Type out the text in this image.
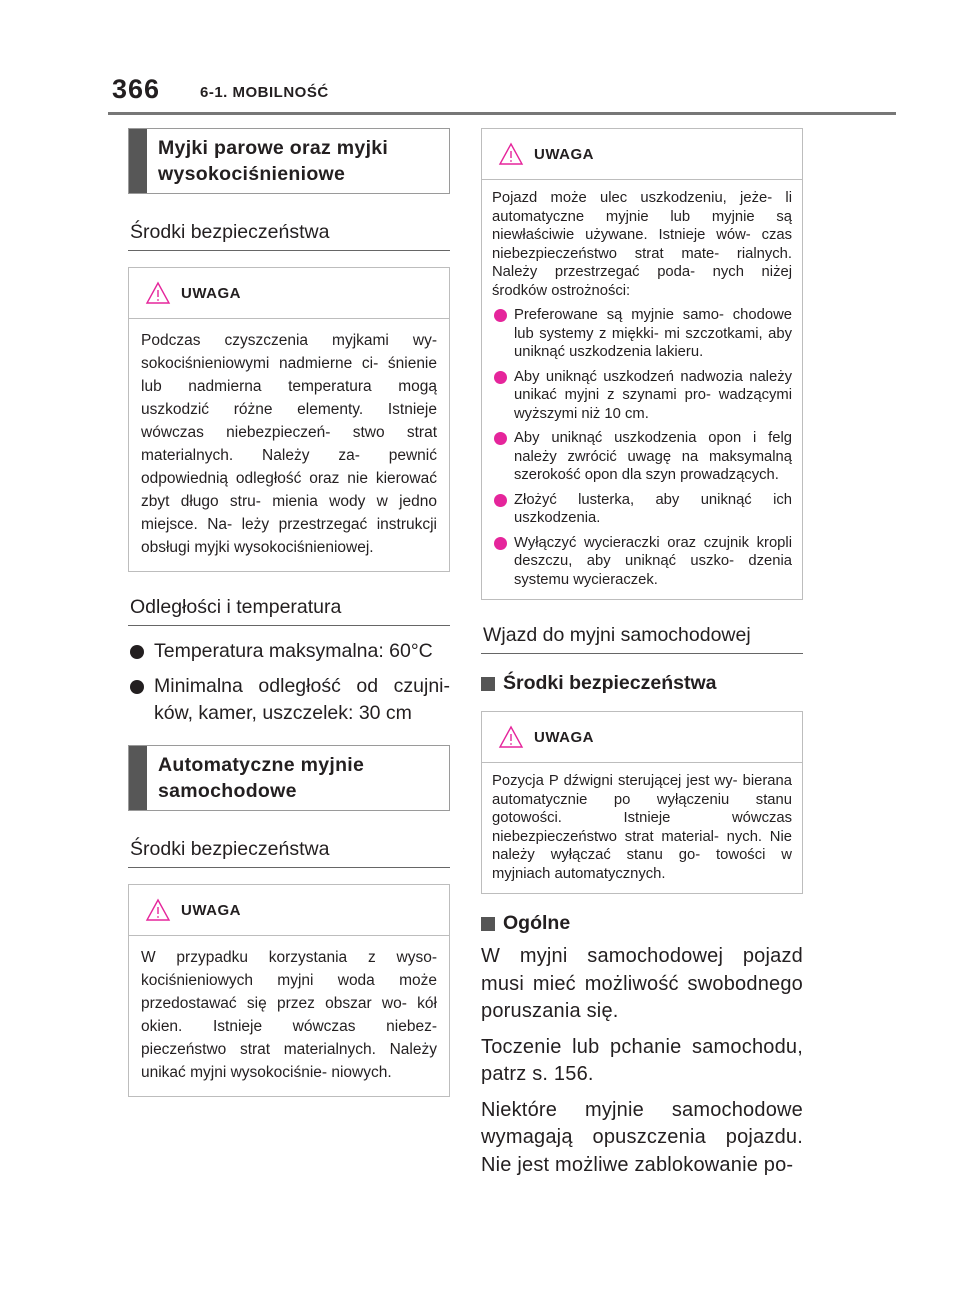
366	6-1. MOBILNOŚĆ
Myjki parowe oraz myjki wysokociśnieniowe
Środki bezpieczeństwa
UWAGA
Podczas czyszczenia myjkami wy- sokociśnieniowymi nadmierne ci- śnienie lub nadmierna temperatura mogą uszkodzić różne elementy. Istnieje wówczas niebezpieczeń- stwo strat materialnych. Należy za- pewnić odpowiednią odległość oraz nie kierować zbyt długo stru- mienia wody w jedno miejsce. Na- leży przestrzegać instrukcji obsługi myjki wysokociśnieniowej.
Odległości i temperatura
Temperatura maksymalna: 60°C
Minimalna odległość od czujni- ków, kamer, uszczelek: 30 cm
Automatyczne myjnie samochodowe
Środki bezpieczeństwa
UWAGA
W przypadku korzystania z wyso- kociśnieniowych myjni woda może przedostawać się przez obszar wo- kół okien. Istnieje wówczas niebez- pieczeństwo strat materialnych. Należy unikać myjni wysokociśnie- niowych.
UWAGA
Pojazd może ulec uszkodzeniu, jeże- li automatyczne myjnie lub myjnie są niewłaściwie używane. Istnieje wów- czas niebezpieczeństwo strat mate- rialnych. Należy przestrzegać poda- nych niżej środków ostrożności:
Preferowane są myjnie samo- chodowe lub systemy z miękki- mi szczotkami, aby uniknąć uszkodzenia lakieru.
Aby uniknąć uszkodzeń nadwozia należy unikać myjni z szynami pro- wadzącymi wyższymi niż 10 cm.
Aby uniknąć uszkodzenia opon i felg należy zwrócić uwagę na maksymalną szerokość opon dla szyn prowadzących.
Złożyć lusterka, aby uniknąć ich uszkodzenia.
Wyłączyć wycieraczki oraz czujnik kropli deszczu, aby uniknąć uszko- dzenia systemu wycieraczek.
Wjazd do myjni samochodowej
Środki bezpieczeństwa
UWAGA
Pozycja P dźwigni sterującej jest wy- bierana automatycznie po wyłączeniu stanu gotowości. Istnieje wówczas niebezpieczeństwo strat material- nych. Nie należy wyłączać stanu go- towości w myjniach automatycznych.
Ogólne
W myjni samochodowej pojazd musi mieć możliwość swobodnego poruszania się.
Toczenie lub pchanie samochodu, patrz s. 156.
Niektóre myjnie samochodowe wymagają opuszczenia pojazdu. Nie jest możliwe zablokowanie po-
